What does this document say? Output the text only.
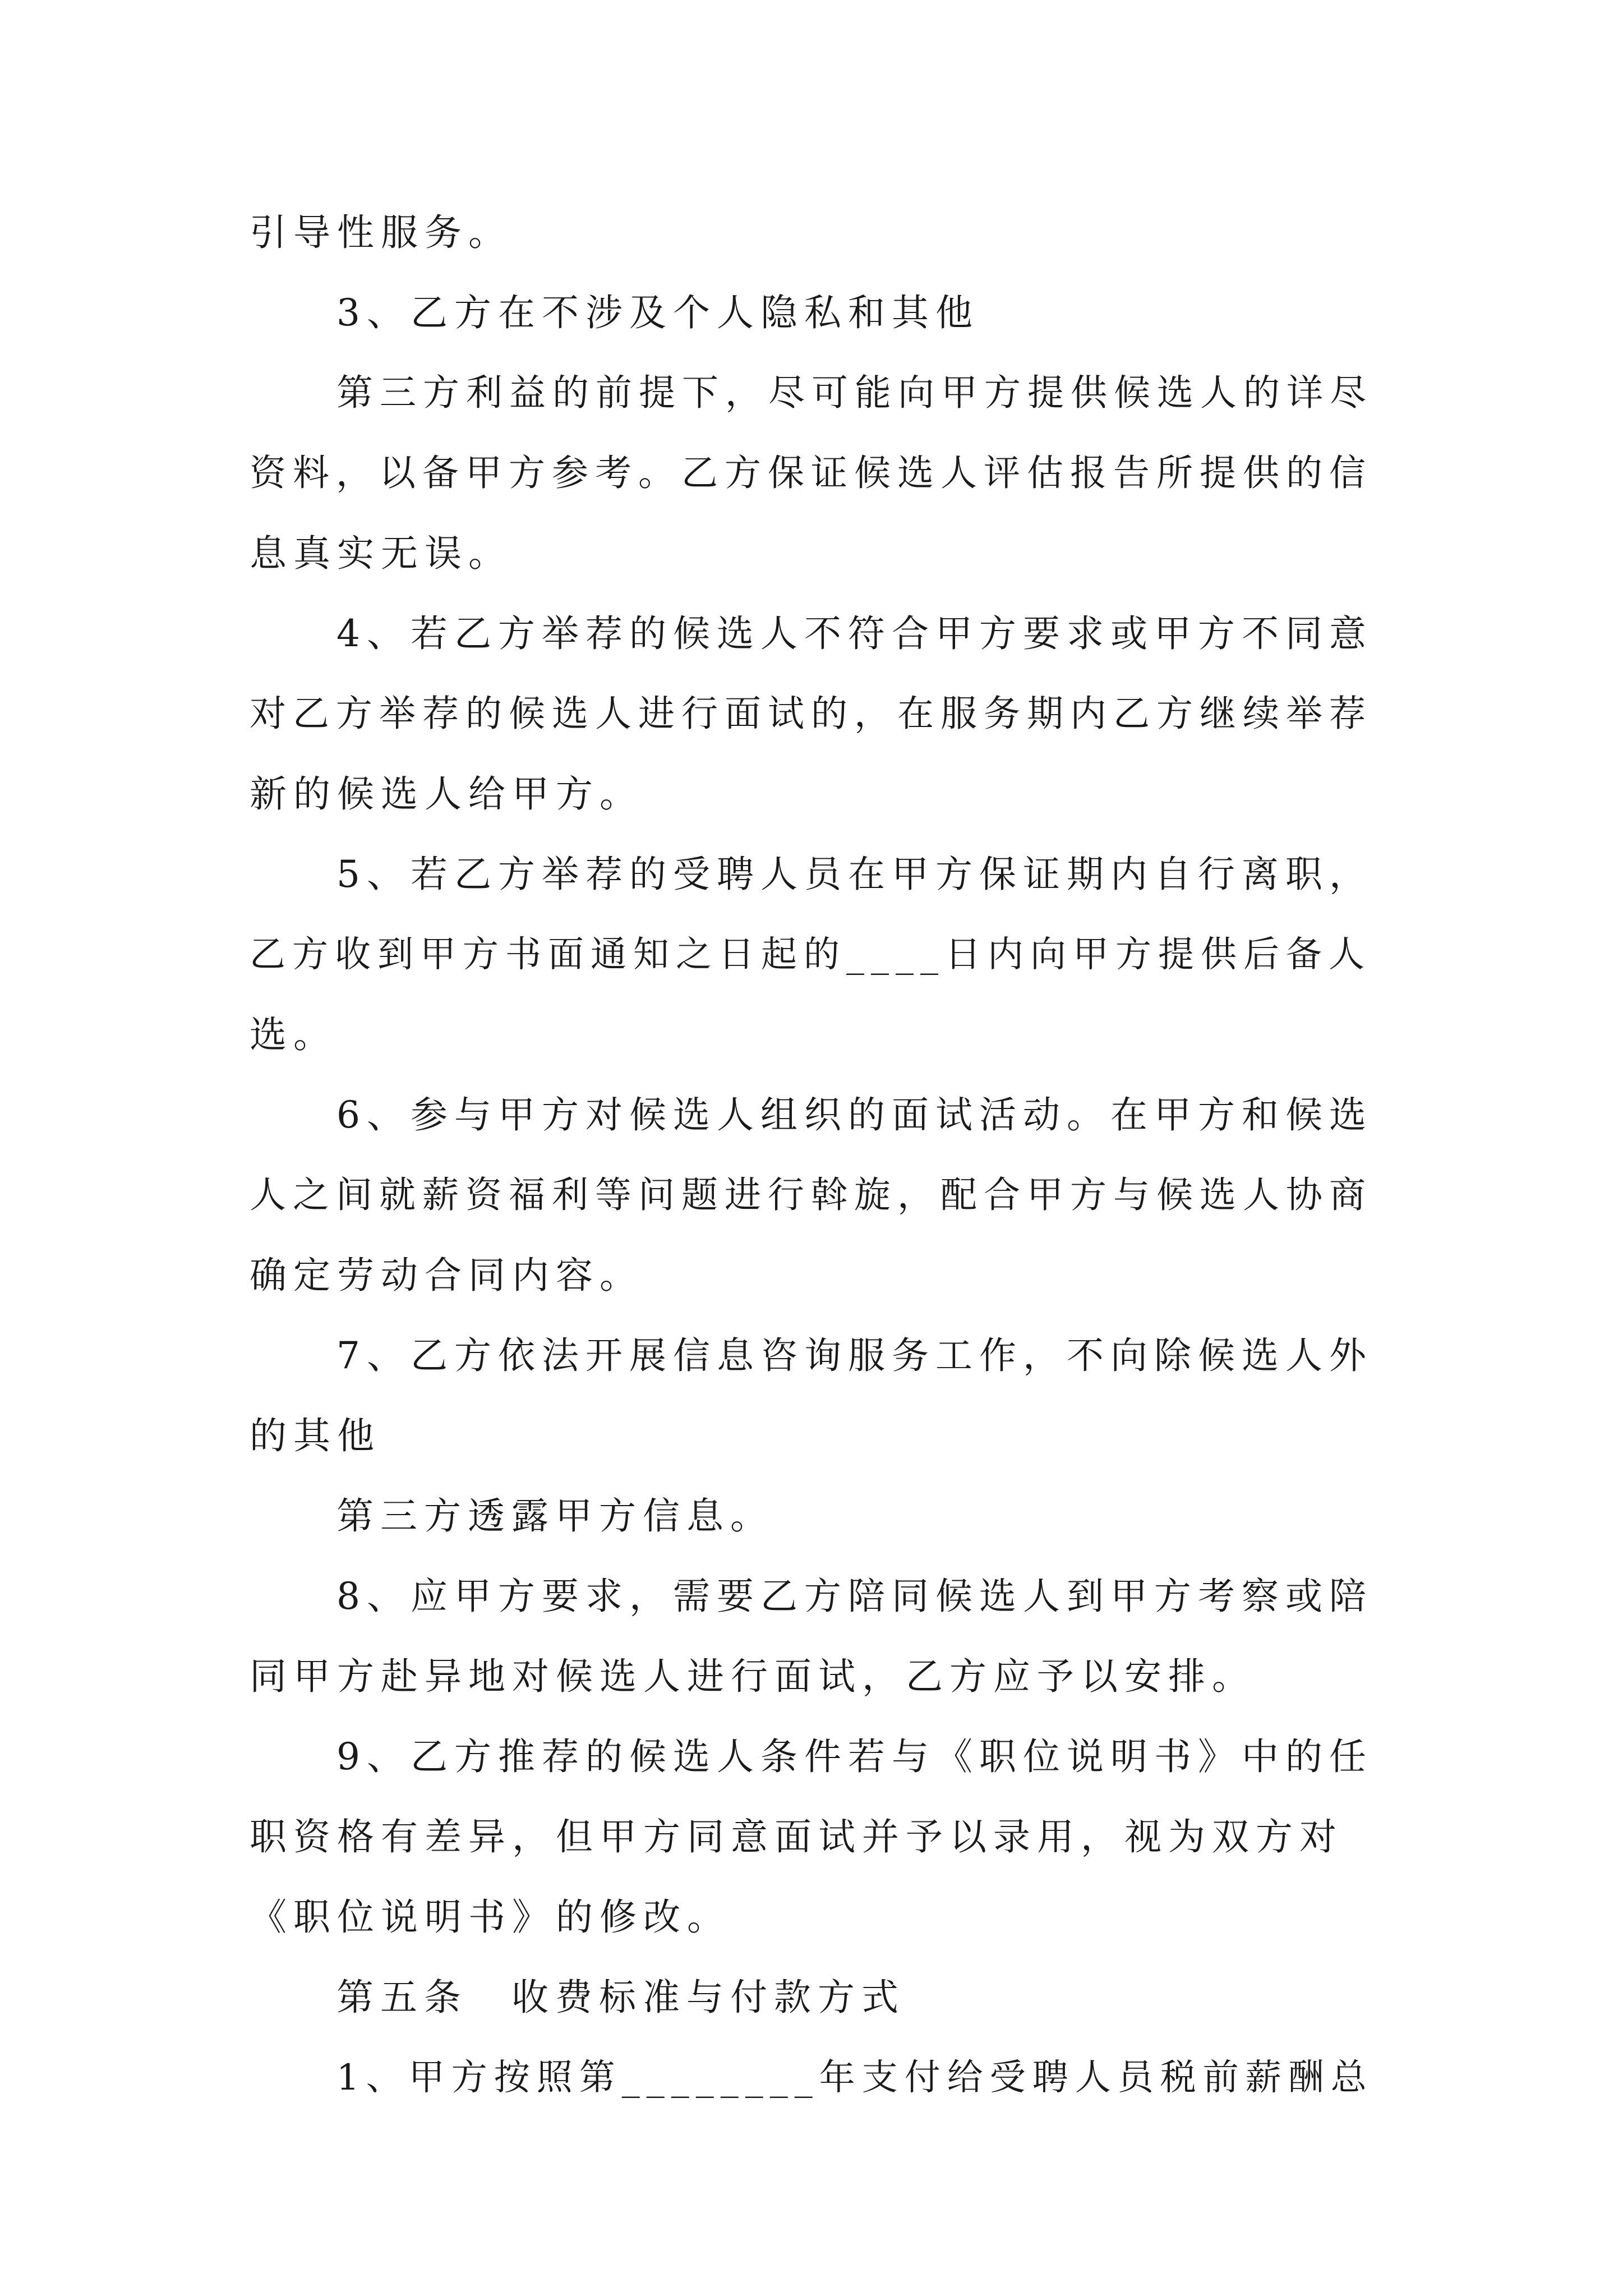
引导性服务。
3、乙方在不涉及个人隐私和其他
第三方利益的前提下，尽可能向甲方提供候选人的详尽
资料，以备甲方参考。乙方保证候选人评估报告所提供的信
息真实无误。
4、若乙方举荐的候选人不符合甲方要求或甲方不同意
对乙方举荐的候选人进行面试的，在服务期内乙方继续举荐
新的候选人给甲方。
5、若乙方举荐的受聘人员在甲方保证期内自行离职，
乙方收到甲方书面通知之日起的____日内向甲方提供后备人
选。
6、参与甲方对候选人组织的面试活动。在甲方和候选
人之间就薪资福利等问题进行斡旋，配合甲方与候选人协商
确定劳动合同内容。
7、乙方依法开展信息咨询服务工作，不向除候选人外
的其他
第三方透露甲方信息。
8、应甲方要求，需要乙方陪同候选人到甲方考察或陪
同甲方赴异地对候选人进行面试，乙方应予以安排。
9、乙方推荐的候选人条件若与《职位说明书》中的任
职资格有差异，但甲方同意面试并予以录用，视为双方对
《职位说明书》的修改。
第五条　收费标准与付款方式
1、甲方按照第________年支付给受聘人员税前薪酬总
